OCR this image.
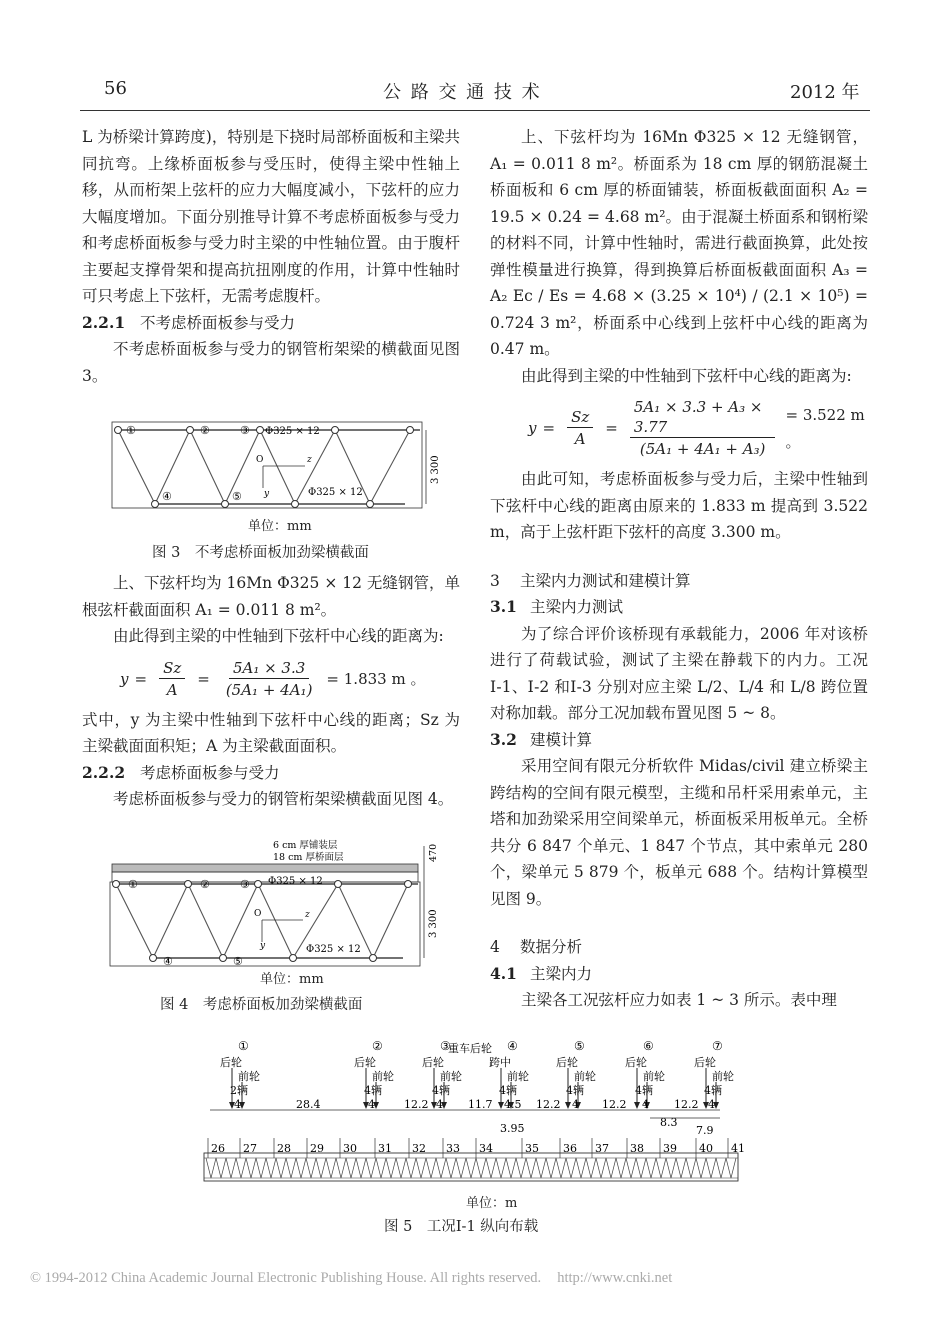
56	公 路 交 通 技 术	2012 年

L 为桥梁计算跨度)，特别是下挠时局部桥面板和主梁共同抗弯。上缘桥面板参与受压时，使得主梁中性轴上移，从而桁架上弦杆的应力大幅度减小，下弦杆的应力大幅度增加。下面分别推导计算不考虑桥面板参与受力和考虑桥面板参与受力时主梁的中性轴位置。由于腹杆主要起支撑骨架和提高抗扭刚度的作用，计算中性轴时可只考虑上下弦杆，无需考虑腹杆。

2.2.1 不考虑桥面板参与受力

不考虑桥面板参与受力的钢管桁架梁的横截面见图 3。

①	②	③
④	⑤
Φ325 × 12
Φ325 × 12
O	z
y
3 300
单位：mm
图 3　不考虑桥面板加劲梁横截面

上、下弦杆均为 16Mn Φ325 × 12 无缝钢管，单根弦杆截面面积 A₁ = 0.011 8 m²。

由此得到主梁的中性轴到下弦杆中心线的距离为:

$y = \frac{Sz}{A} = \frac{\text{5A₁ × 3.3}}{\text{(5A₁ + 4A₁)}} = 1.833$ m 。

式中，y 为主梁中性轴到下弦杆中心线的距离；Sz 为主梁截面面积矩；A 为主梁截面面积。

2.2.2 考虑桥面板参与受力

考虑桥面板参与受力的钢管桁架梁横截面见图 4。

6 cm 厚铺装层
18 cm 厚桥面层
①	②	③
④	⑤
Φ325 × 12
Φ325 × 12
O	z
y
470
3 300
单位：mm
图 4　考虑桥面板加劲梁横截面

上、下弦杆均为 16Mn Φ325 × 12 无缝钢管，A₁ = 0.011 8 m²。桥面系为 18 cm 厚的钢筋混凝土桥面板和 6 cm 厚的桥面铺装，桥面板截面面积 A₂ = 19.5 × 0.24 = 4.68 m²。由于混凝土桥面系和钢桁梁的材料不同，计算中性轴时，需进行截面换算，此处按弹性模量进行换算，得到换算后桥面板截面面积 A₃ = A₂ Ec / Es = 4.68 × (3.25 × 10⁴) / (2.1 × 10⁵) = 0.724 3 m²，桥面系中心线到上弦杆中心线的距离为 0.47 m。

由此得到主梁的中性轴到下弦杆中心线的距离为:

$y = \frac{Sz}{A} = \frac{\text{5A₁ × 3.3 + A₃ × 3.77}}{\text{(5A₁ + 4A₁ + A₃)}} = 3.522$ m 。

由此可知，考虑桥面板参与受力后，主梁中性轴到下弦杆中心线的距离由原来的 1.833 m 提高到 3.522 m，高于上弦杆距下弦杆的高度 3.300 m。

3 主梁内力测试和建模计算

3.1 主梁内力测试

为了综合评价该桥现有承载能力，2006 年对该桥进行了荷载试验，测试了主梁在静载下的内力。工况Ⅰ-1、Ⅰ-2 和Ⅰ-3 分别对应主梁 L/2、L/4 和 L/8 跨位置对称加载。部分工况加载布置见图 5 ~ 8。

3.2 建模计算

采用空间有限元分析软件 Midas/civil 建立桥梁主跨结构的空间有限元模型，主缆和吊杆采用索单元，主塔和加劲梁采用空间梁单元，桥面板采用板单元。全桥共分 6 847 个单元、1 847 个节点，其中索单元 280 个，梁单元 5 879 个，板单元 688 个。结构计算模型见图 9。

4 数据分析

4.1 主梁内力

主梁各工况弦杆应力如表 1 ~ 3 所示。表中理

26 27 28 29 30 31 32 33 34	35 36 37 38 39 40 41
①
后轮
前轮
2辆
②
后轮
前轮
4辆
③
后轮
前轮
4辆
重车后轮 ④
跨中
前轮
4辆
⑤
后轮
前轮
4辆
⑥
后轮
前轮
4辆
⑦
后轮
前轮
4辆
4	28.4	4	12.2 4 11.7 4.5 12.2 4 12.2 4 12.2 4
3.95	8.3
7.9
单位：m
图 5　工况Ⅰ-1 纵向布载
© 1994-2012 China Academic Journal Electronic Publishing House. All rights reserved. http://www.cnki.net
